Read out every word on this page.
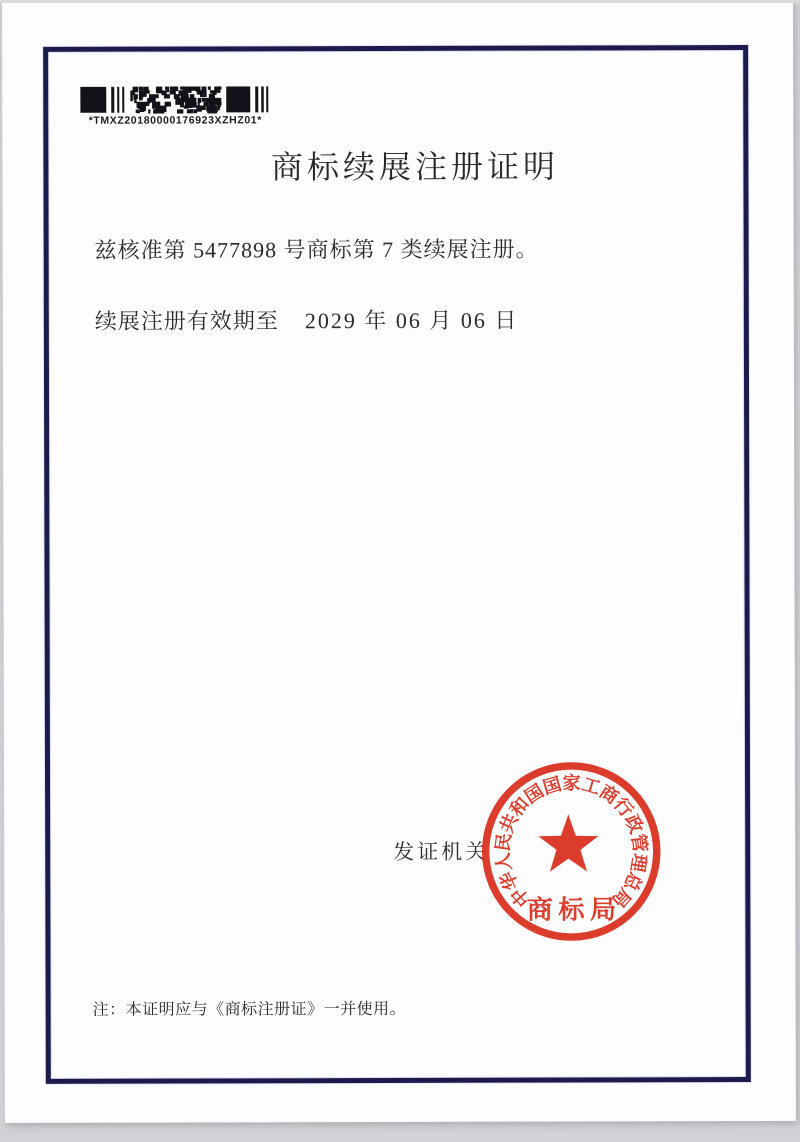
*TMXZ20180000176923XZHZ01*
商标续展注册证明

兹核准第 5477898 号商标第 7 类续展注册。

续展注册有效期至 2029 年 06 月 06 日

发证机关
中华人民共和国国家工商行政管理总局
商标局

注：本证明应与《商标注册证》一并使用。
